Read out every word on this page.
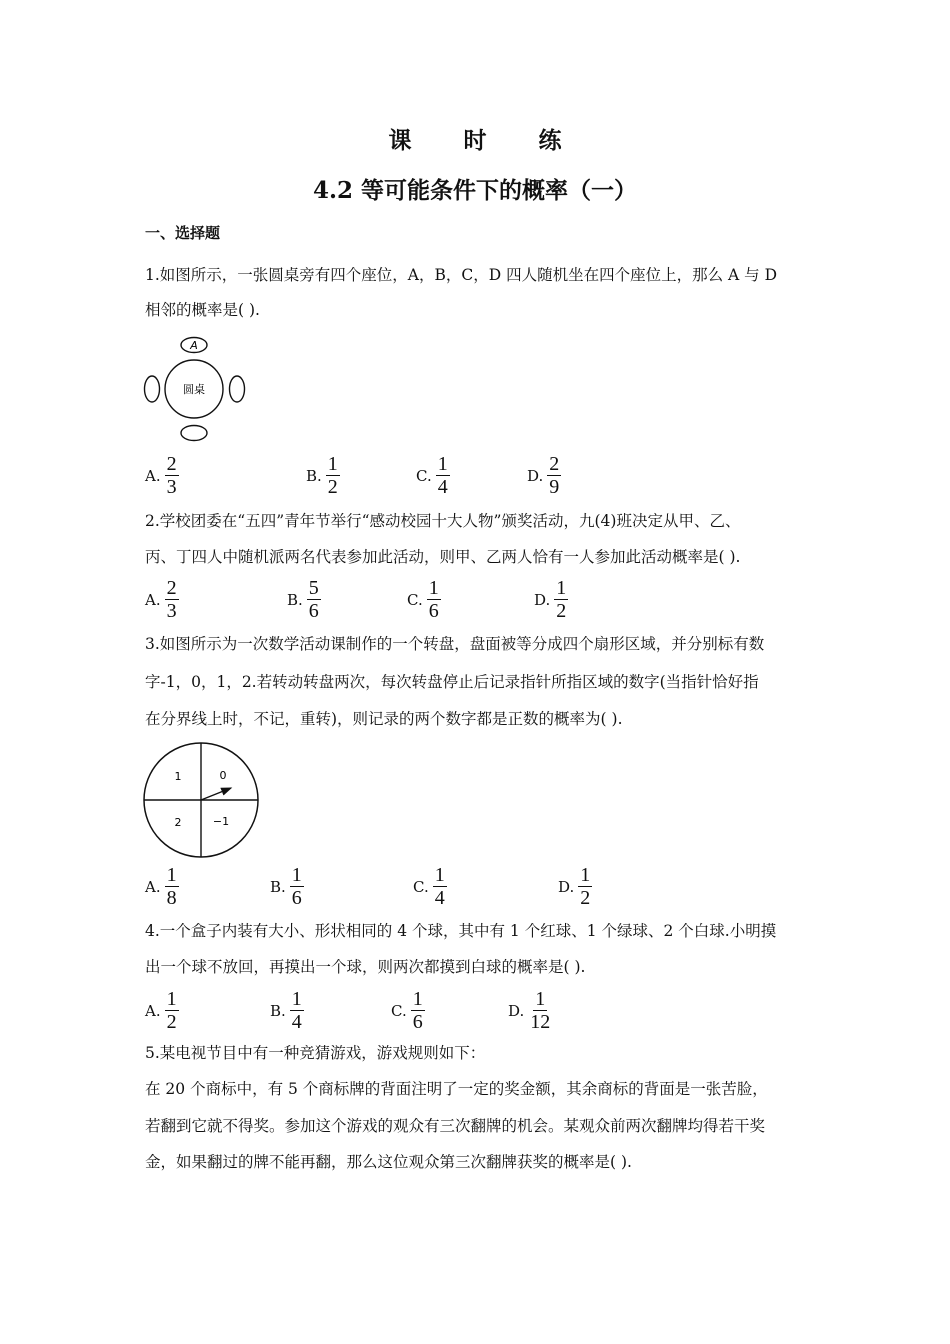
课 时 练
4.2 等可能条件下的概率（一）
一、选择题
1.如图所示，一张圆桌旁有四个座位，A，B，C，D 四人随机坐在四个座位上，那么 A 与 D
相邻的概率是( ).
A
圆桌
A. $\frac{2}{3}$	B. $\frac{1}{2}$	C. $\frac{1}{4}$	D. $\frac{2}{9}$
2.学校团委在“五四”青年节举行“感动校园十大人物”颁奖活动，九(4)班决定从甲、乙、
丙、丁四人中随机派两名代表参加此活动，则甲、乙两人恰有一人参加此活动概率是( ).
A. $\frac{2}{3}$	B. $\frac{5}{6}$	C. $\frac{1}{6}$	D. $\frac{1}{2}$
3.如图所示为一次数学活动课制作的一个转盘，盘面被等分成四个扇形区域，并分别标有数
字-1，0，1，2.若转动转盘两次，每次转盘停止后记录指针所指区域的数字(当指针恰好指
在分界线上时，不记，重转)，则记录的两个数字都是正数的概率为( ).
1	0
2	−1
A. $\frac{1}{8}$	B. $\frac{1}{6}$	C. $\frac{1}{4}$	D. $\frac{1}{2}$
4.一个盒子内装有大小、形状相同的 4 个球，其中有 1 个红球、1 个绿球、2 个白球.小明摸
出一个球不放回，再摸出一个球，则两次都摸到白球的概率是( ).
A. $\frac{1}{2}$	B. $\frac{1}{4}$	C. $\frac{1}{6}$	D. $\frac{1}{12}$
5.某电视节目中有一种竞猜游戏，游戏规则如下：
在 20 个商标中，有 5 个商标牌的背面注明了一定的奖金额，其余商标的背面是一张苦脸，
若翻到它就不得奖。参加这个游戏的观众有三次翻牌的机会。某观众前两次翻牌均得若干奖
金，如果翻过的牌不能再翻，那么这位观众第三次翻牌获奖的概率是( ).
